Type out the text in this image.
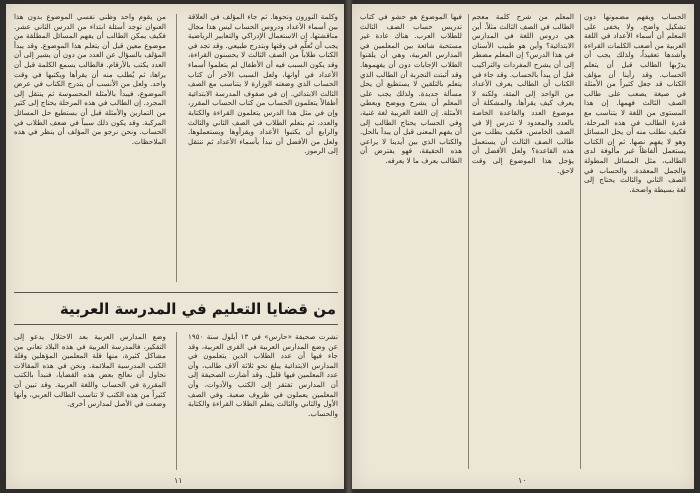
وكلمة النورون ونحوها. ثم جاء المؤلف في العلاقة بين أسماء الأعداد ودروس الحساب ليس هذا مجال مناقشتها. إن الاستعمال الإدراكي والتعابير الرياضية يجب أن تُعلّم في وقتها وبتدرج طبيعي. وقد تجد في الكتاب طلاباً من الصف الثالث لا يحسنون القراءة، وقد يكون السبب فيه أن الأطفال لم يتعلموا أسماء الأعداد في أوانها، ولعل السبب الآخر أن كتاب الحساب الذي وضعته الوزارة لا يتناسب مع الصف الثالث الابتدائي. إن في صفوف المدرسة الابتدائية أطفالاً يتعلمون الحساب من كتاب الحساب المقرر، وإن في مثل هذا الدرس يتعلمون القراءة والكتابة والعدد، ثم يتعلم الطلاب في الصف الثاني والثالث والرابع أن يكتبوا الأعداد ويقرأوها ويستعملوها. ولعل من الأفضل أن نبدأ بأسماء الأعداد ثم ننتقل إلى الرموز.

من يقوم واحد وظني نفسي الموضوع بدون هذا العنوان توجد أسئلة ابتداء من الدرس الثاني عشر. فكيف يمكن الطالب أن يفهم المسائل المطلقة من موضوع معين قبل أن يتعلم هذا الموضوع. وقد يبدأ المؤلف بالسؤال عن العدد من دون أن يشير إلى أن العدد يكتب بالأرقام. فالطالب يسمع الكلمة قبل أن يراها، ثم يُطلب منه أن يقرأها ويكتبها في وقت واحد. ولعل من الأنسب أن يتدرج الكتاب في عرض الموضوع، فيبدأ بالأمثلة المحسوسة ثم ينتقل إلى المجرد. إن الطالب في هذه المرحلة يحتاج إلى كثير من التمارين والأمثلة قبل أن يستطيع حل المسائل المركبة. وقد يكون ذلك سبباً في ضعف الطلاب في الحساب. ونحن نرجو من المؤلف أن ينظر في هذه الملاحظات.

من قضايا التعليم في المدرسة العربية

نشرت صحيفة «حارس» في ١٣ أيلول سنة ١٩٥٠ عن وضع المدارس العربية في القرى العربية، وقد جاء فيها أن عدد الطلاب الذين يتعلمون في المدارس الابتدائية يبلغ نحو ثلاثة آلاف طالب، وأن عدد المعلمين فيها قليل. وقد أشارت الصحيفة إلى أن المدارس تفتقر إلى الكتب والأدوات، وأن المعلمين يعملون في ظروف صعبة. وفي الصف الأول والثاني والثالث يتعلم الطلاب القراءة والكتابة والحساب.

وضع المدارس العربية بعد الاحتلال يدعو إلى التفكير، فالمدرسة العربية في هذه البلاد تعاني من مشاكل كثيرة، منها قلة المعلمين المؤهلين وقلة الكتب المدرسية الملائمة. ونحن في هذه المقالات نحاول أن نعالج بعض هذه القضايا، فنبدأ بالكتب المقررة في الحساب واللغة العربية. وقد تبين أن كثيراً من هذه الكتب لا تناسب الطالب العربي، وأنها وضعت في الأصل لمدارس أخرى.

١١

الحساب ويفهم مضمونها دون تشكيل واضح. ولا يخفى على المعلم أن أسماء الأعداد في اللغة العربية من أصعب الكلمات القراءة وأشدها تعقيداً، ولذلك يجب أن يدرّبها الطالب قبل أن يتعلم الحساب. وقد رأينا أن مؤلف الكتاب قد جعل كثيراً من الأمثلة في صيغة يصعب على طالب الصف الثالث فهمها. إن هذا المستوى من اللغة لا يتناسب مع قدرة الطالب في هذه المرحلة، فكيف نطلب منه أن يحل المسائل وهو لا يفهم نصها. ثم إن الكتاب يستعمل ألفاظاً غير مألوفة لدى الطالب، مثل المسائل المطولة والجمل المعقدة. والحساب في الصف الثاني والثالث يحتاج إلى لغة بسيطة واضحة.

المعلم من شرح كلمة معجم الطالب في الصف الثالث مثلاً. أين هي دروس اللغة في المدارس الابتدائية؟ وأين هو طبيب الأسنان في هذا الدرس؟ إن المعلم مضطر إلى أن يشرح المفردات والتراكيب قبل أن يبدأ بالحساب. وقد جاء في الكتاب أن الطالب يعرف الأعداد من الواحد إلى المئة، ولكنه لا يعرف كيف يقرأها. والمشكلة أن موضوع العدد والقاعدة الخاصة بالعدد والمعدود لا تدرس إلا في الصف الخامس. فكيف يطلب من طالب الصف الثالث أن يستعمل هذه القاعدة؟ ولعل الأفضل أن يؤجل هذا الموضوع إلى وقت لاحق.

فيها الموضوع هو حشو في كتاب تدريس حساب الصف الثالث للطلاب العرب. هناك عادة غير مستحبة شائعة بين المعلمين في المدارس العربية، وهي أن يلقنوا الطلاب الإجابات دون أن يفهموها. وقد أثبتت التجربة أن الطالب الذي يتعلم بالتلقين لا يستطيع أن يحل مسألة جديدة. ولذلك يجب على المعلم أن يشرح ويوضح ويعطي الأمثلة. إن اللغة العربية لغة غنية، وفي الحساب يحتاج الطالب إلى أن يفهم المعنى قبل أن يبدأ بالحل. والكتاب الذي بين أيدينا لا يراعي هذه الحقيقة، فهو يفترض أن الطالب يعرف ما لا يعرفه.

١٠
